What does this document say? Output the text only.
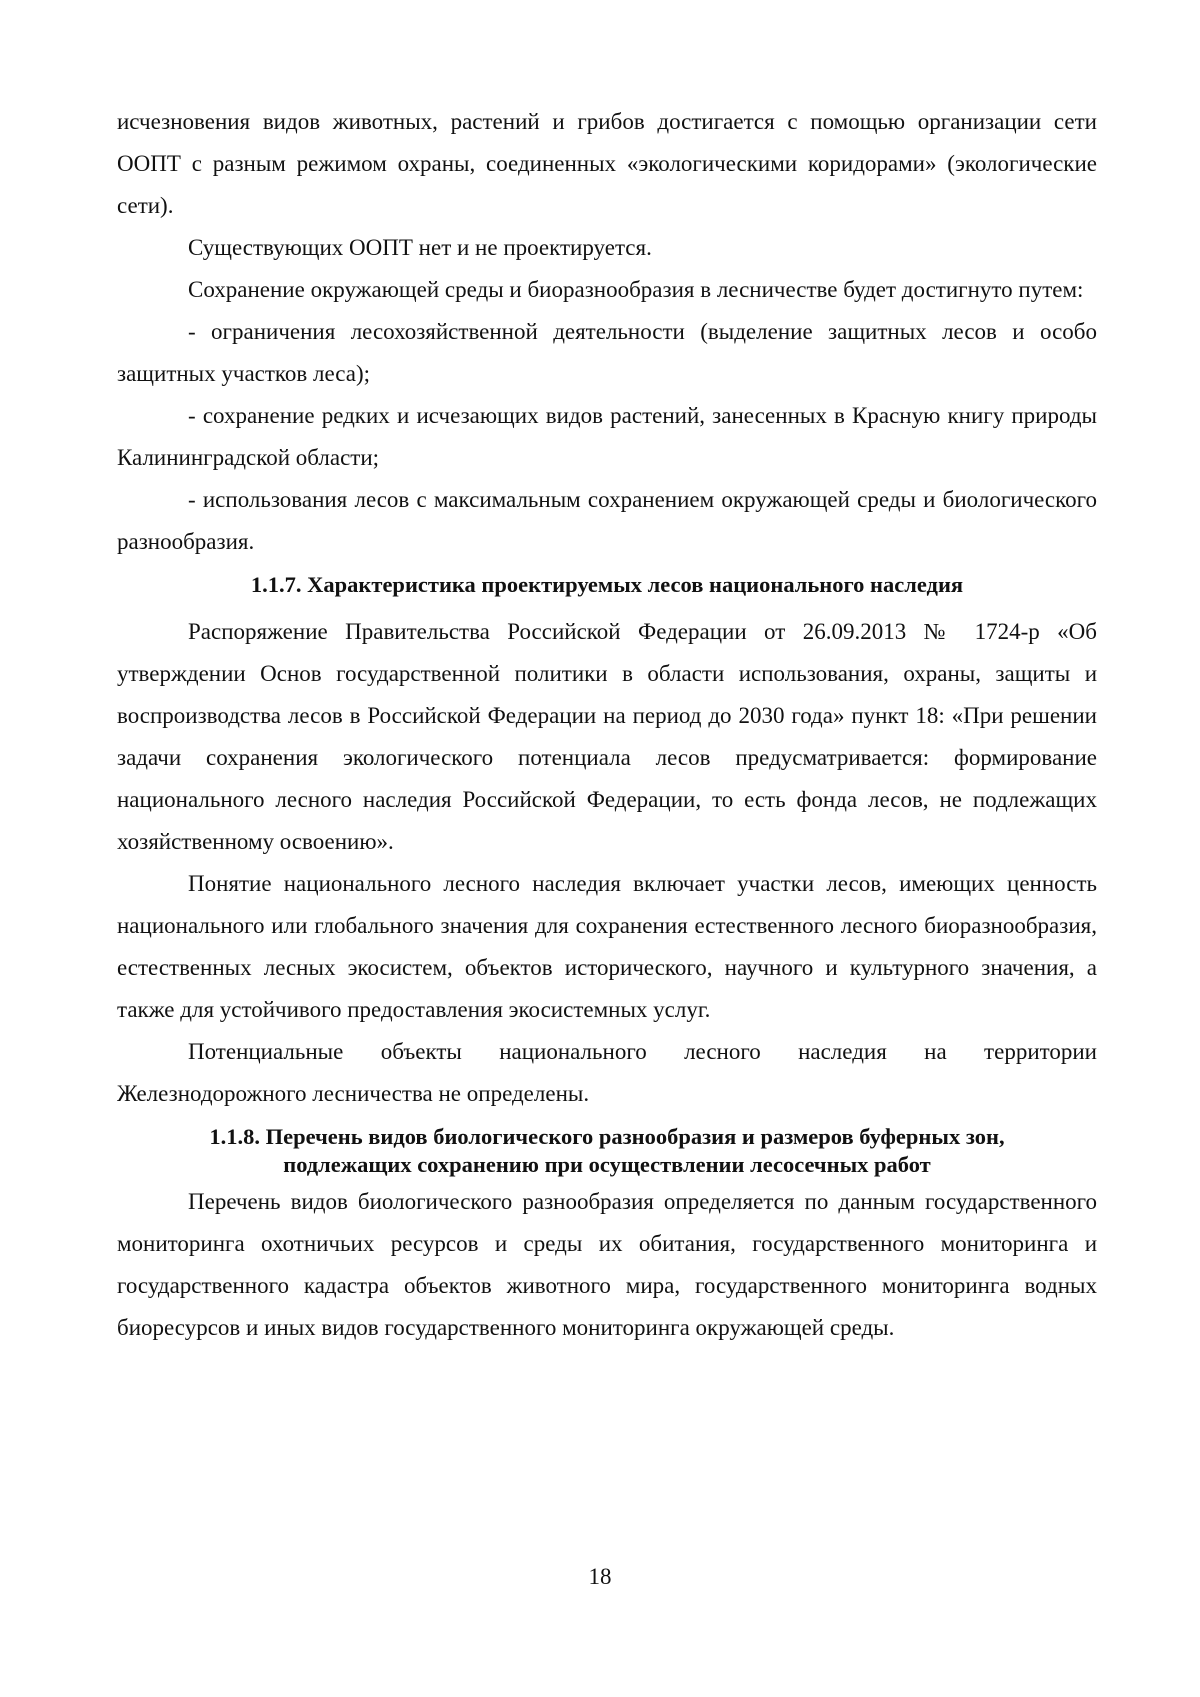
исчезновения видов животных, растений и грибов достигается с помощью организации сети ООПТ с разным режимом охраны, соединенных «экологическими коридорами» (экологические сети).

Существующих ООПТ нет и не проектируется.

Сохранение окружающей среды и биоразнообразия в лесничестве будет достигнуто путем:

- ограничения лесохозяйственной деятельности (выделение защитных лесов и особо защитных участков леса);

- сохранение редких и исчезающих видов растений, занесенных в Красную книгу природы Калининградской области;

- использования лесов с максимальным сохранением окружающей среды и биологического разнообразия.

1.1.7. Характеристика проектируемых лесов национального наследия

Распоряжение Правительства Российской Федерации от 26.09.2013 № 1724-р «Об утверждении Основ государственной политики в области использования, охраны, защиты и воспроизводства лесов в Российской Федерации на период до 2030 года» пункт 18: «При решении задачи сохранения экологического потенциала лесов предусматривается: формирование национального лесного наследия Российской Федерации, то есть фонда лесов, не подлежащих хозяйственному освоению».

Понятие национального лесного наследия включает участки лесов, имеющих ценность национального или глобального значения для сохранения естественного лесного биоразнообразия, естественных лесных экосистем, объектов исторического, научного и культурного значения, а также для устойчивого предоставления экосистемных услуг.

Потенциальные объекты национального лесного наследия на территории Железнодорожного лесничества не определены.

1.1.8. Перечень видов биологического разнообразия и размеров буферных зон,
подлежащих сохранению при осуществлении лесосечных работ

Перечень видов биологического разнообразия определяется по данным государственного мониторинга охотничьих ресурсов и среды их обитания, государственного мониторинга и государственного кадастра объектов животного мира, государственного мониторинга водных биоресурсов и иных видов государственного мониторинга окружающей среды.

18
